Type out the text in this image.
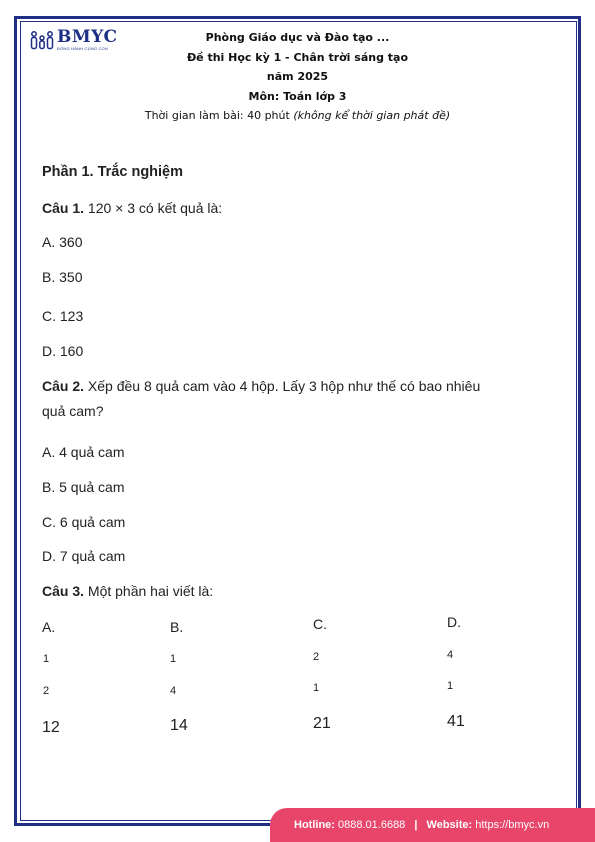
BMYC
ĐỒNG HÀNH CÙNG CON
Phòng Giáo dục và Đào tạo ...
Đề thi Học kỳ 1 - Chân trời sáng tạo
năm 2025
Môn: Toán lớp 3
Thời gian làm bài: 40 phút (không kể thời gian phát đề)
Phần 1. Trắc nghiệm
Câu 1. 120 × 3 có kết quả là:
A. 360
B. 350
C. 123
D. 160
Câu 2. Xếp đều 8 quả cam vào 4 hộp. Lấy 3 hộp như thế có bao nhiêu
quả cam?
A. 4 quả cam
B. 5 quả cam
C. 6 quả cam
D. 7 quả cam
Câu 3. Một phần hai viết là:
A.
1
2
12
B.
1
4
14
C.
2
1
21
D.
4
1
41
Hotline: 0888.01.6688 | Website: https://bmyc.vn
